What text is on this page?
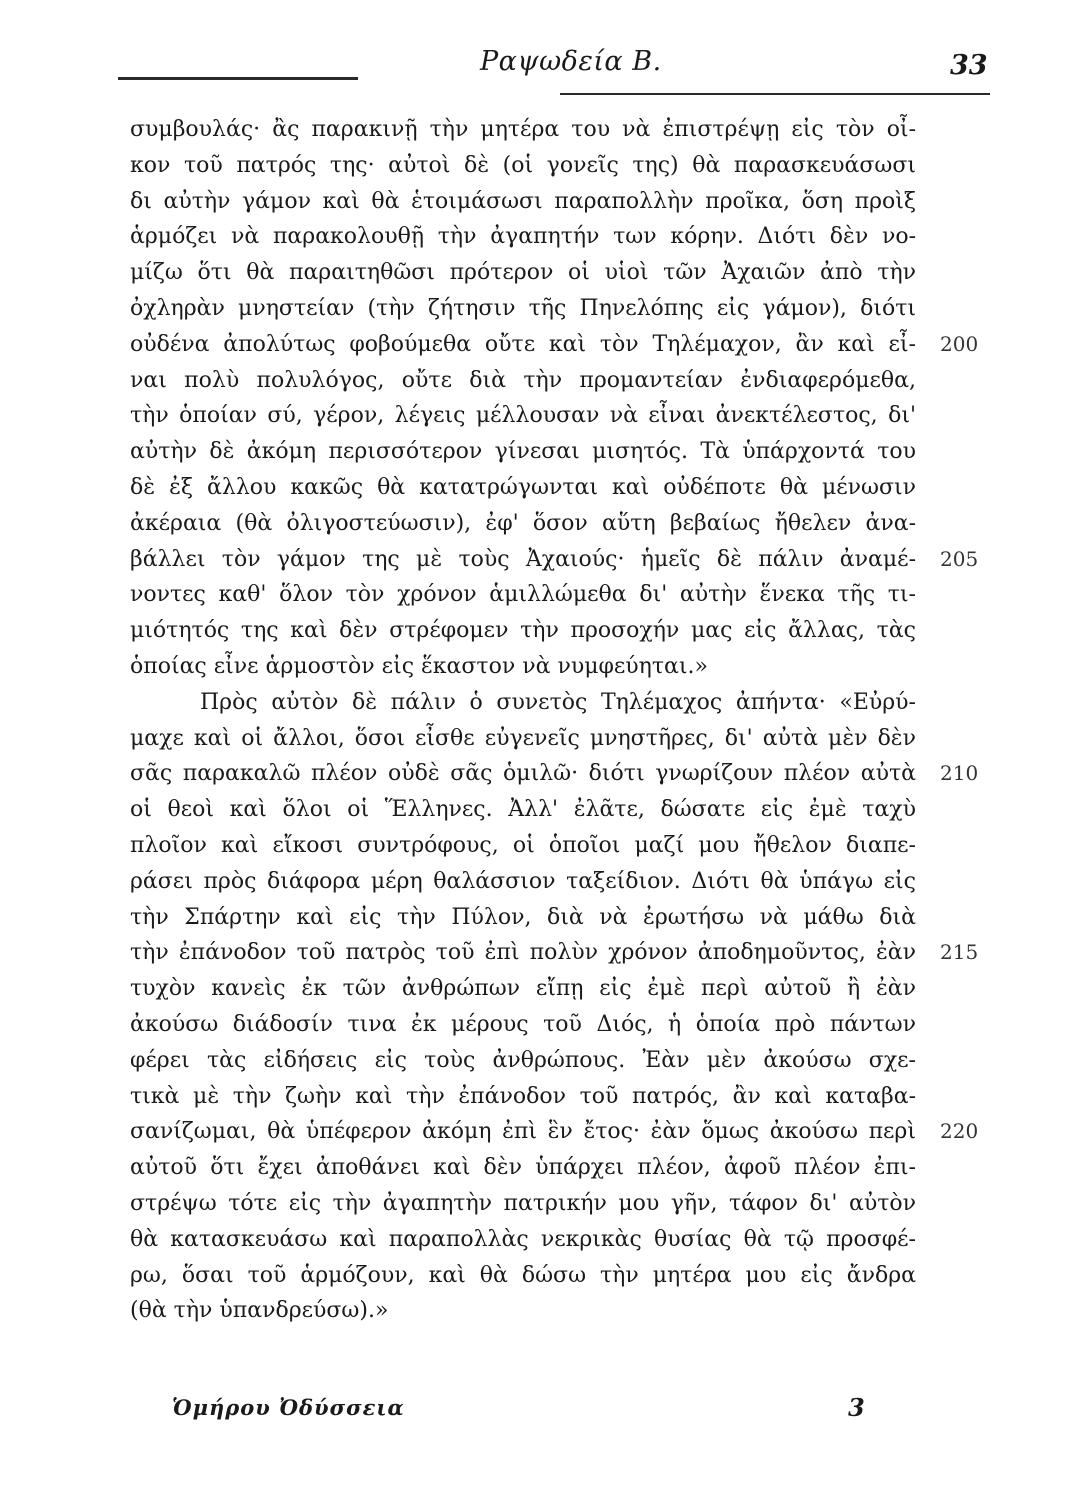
Ραψωδεία Β.	33
συμβουλάς· ἂς παρακινῇ τὴν μητέρα του νὰ ἐπιστρέψῃ εἰς τὸν οἶ-
κον τοῦ πατρός της· αὐτοὶ δὲ (οἱ γονεῖς της) θὰ παρασκευάσωσι
δι αὐτὴν γάμον καὶ θὰ ἑτοιμάσωσι παραπολλὴν προῖκα, ὅση προὶξ
ἁρμόζει νὰ παρακολουθῇ τὴν ἀγαπητήν των κόρην. Διότι δὲν νο-
μίζω ὅτι θὰ παραιτηθῶσι πρότερον οἱ υἱοὶ τῶν Ἀχαιῶν ἀπὸ τὴν
ὀχληρὰν μνηστείαν (τὴν ζήτησιν τῆς Πηνελόπης εἰς γάμον), διότι
οὐδένα ἀπολύτως φοβούμεθα οὔτε καὶ τὸν Τηλέμαχον, ἂν καὶ εἶ- 200
ναι πολὺ πολυλόγος, οὔτε διὰ τὴν προμαντείαν ἐνδιαφερόμεθα,
τὴν ὁποίαν σύ, γέρον, λέγεις μέλλουσαν νὰ εἶναι ἀνεκτέλεστος, δι'
αὐτὴν δὲ ἀκόμη περισσότερον γίνεσαι μισητός. Τὰ ὑπάρχοντά του
δὲ ἐξ ἄλλου κακῶς θὰ κατατρώγωνται καὶ οὐδέποτε θὰ μένωσιν
ἀκέραια (θὰ ὀλιγοστεύωσιν), ἐφ' ὅσον αὕτη βεβαίως ἤθελεν ἀνα-
βάλλει τὸν γάμον της μὲ τοὺς Ἀχαιούς· ἡμεῖς δὲ πάλιν ἀναμέ- 205
νοντες καθ' ὅλον τὸν χρόνον ἁμιλλώμεθα δι' αὐτὴν ἕνεκα τῆς τι-
μιότητός της καὶ δὲν στρέφομεν τὴν προσοχήν μας εἰς ἄλλας, τὰς
ὁποίας εἶνε ἁρμοστὸν εἰς ἕκαστον νὰ νυμφεύηται.»
Πρὸς αὐτὸν δὲ πάλιν ὁ συνετὸς Τηλέμαχος ἀπήντα· «Εὐρύ-
μαχε καὶ οἱ ἄλλοι, ὅσοι εἶσθε εὐγενεῖς μνηστῆρες, δι' αὐτὰ μὲν δὲν
σᾶς παρακαλῶ πλέον οὐδὲ σᾶς ὁμιλῶ· διότι γνωρίζουν πλέον αὐτὰ 210
οἱ θεοὶ καὶ ὅλοι οἱ Ἕλληνες. Ἀλλ' ἐλᾶτε, δώσατε εἰς ἐμὲ ταχὺ
πλοῖον καὶ εἴκοσι συντρόφους, οἱ ὁποῖοι μαζί μου ἤθελον διαπε-
ράσει πρὸς διάφορα μέρη θαλάσσιον ταξείδιον. Διότι θὰ ὑπάγω εἰς
τὴν Σπάρτην καὶ εἰς τὴν Πύλον, διὰ νὰ ἐρωτήσω νὰ μάθω διὰ
τὴν ἐπάνοδον τοῦ πατρὸς τοῦ ἐπὶ πολὺν χρόνον ἀποδημοῦντος, ἐὰν 215
τυχὸν κανεὶς ἐκ τῶν ἀνθρώπων εἴπῃ εἰς ἐμὲ περὶ αὐτοῦ ἢ ἐὰν
ἀκούσω διάδοσίν τινα ἐκ μέρους τοῦ Διός, ἡ ὁποία πρὸ πάντων
φέρει τὰς εἰδήσεις εἰς τοὺς ἀνθρώπους. Ἐὰν μὲν ἀκούσω σχε-
τικὰ μὲ τὴν ζωὴν καὶ τὴν ἐπάνοδον τοῦ πατρός, ἂν καὶ καταβα-
σανίζωμαι, θὰ ὑπέφερον ἀκόμη ἐπὶ ἓν ἔτος· ἐὰν ὅμως ἀκούσω περὶ 220
αὐτοῦ ὅτι ἔχει ἀποθάνει καὶ δὲν ὑπάρχει πλέον, ἀφοῦ πλέον ἐπι-
στρέψω τότε εἰς τὴν ἀγαπητὴν πατρικήν μου γῆν, τάφον δι' αὐτὸν
θὰ κατασκευάσω καὶ παραπολλὰς νεκρικὰς θυσίας θὰ τῷ προσφέ-
ρω, ὅσαι τοῦ ἁρμόζουν, καὶ θὰ δώσω τὴν μητέρα μου εἰς ἄνδρα
(θὰ τὴν ὑπανδρεύσω).»
Ὁμήρου Ὀδύσσεια	3
